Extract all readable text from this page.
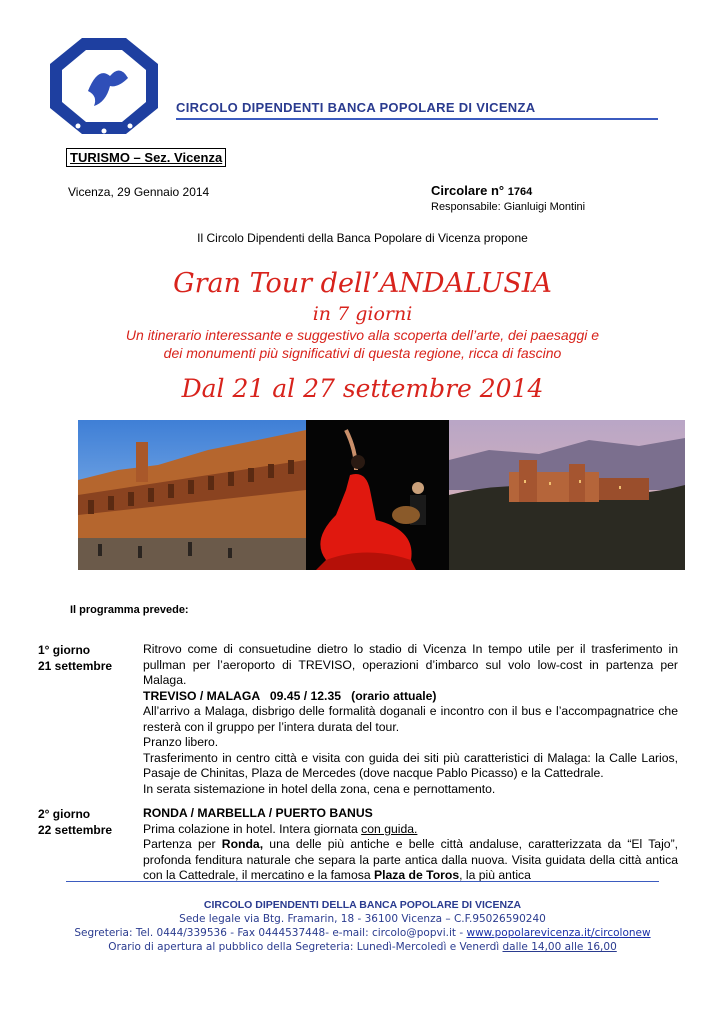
CIRCOLO DIPENDENTI BANCA POPOLARE DI VICENZA
TURISMO – Sez. Vicenza
Vicenza, 29 Gennaio 2014	Circolare n° 1764
Responsabile: Gianluigi Montini
Il Circolo Dipendenti della Banca Popolare di Vicenza propone
Gran Tour dell’ANDALUSIA
in 7 giorni
Un itinerario interessante e suggestivo alla scoperta dell’arte, dei paesaggi e
dei monumenti più significativi di questa regione, ricca di fascino
Dal 21 al 27 settembre 2014
Il programma prevede:
1° giorno
21 settembre

Ritrovo come di consuetudine dietro lo stadio di Vicenza In tempo utile per il trasferimento in pullman per l’aeroporto di TREVISO, operazioni d’imbarco sul volo low-cost in partenza per Malaga.

TREVISO / MALAGA   09.45 / 12.35   (orario attuale)

All’arrivo a Malaga, disbrigo delle formalità doganali e incontro con il bus e l’accompagnatrice che resterà con il gruppo per l’intera durata del tour.

Pranzo libero.

Trasferimento in centro città e visita con guida dei siti più caratteristici di Malaga: la Calle Larios, Pasaje de Chinitas, Plaza de Mercedes (dove nacque Pablo Picasso) e la Cattedrale.

In serata sistemazione in hotel della zona, cena e pernottamento.

2° giorno
22 settembre

RONDA / MARBELLA / PUERTO BANUS

Prima colazione in hotel. Intera giornata con guida.

Partenza per Ronda, una delle più antiche e belle città andaluse, caratterizzata da “El Tajo”, profonda fenditura naturale che separa la parte antica dalla nuova. Visita guidata della città antica con la Cattedrale, il mercatino e la famosa Plaza de Toros, la più antica

CIRCOLO DIPENDENTI DELLA BANCA POPOLARE DI VICENZA
Sede legale via Btg. Framarin, 18 - 36100 Vicenza – C.F.95026590240
Segreteria: Tel. 0444/339536 - Fax 0444537448- e-mail: circolo@popvi.it - www.popolarevicenza.it/circolonew
Orario di apertura al pubblico della Segreteria: Lunedì-Mercoledì e Venerdì dalle 14,00 alle 16,00
